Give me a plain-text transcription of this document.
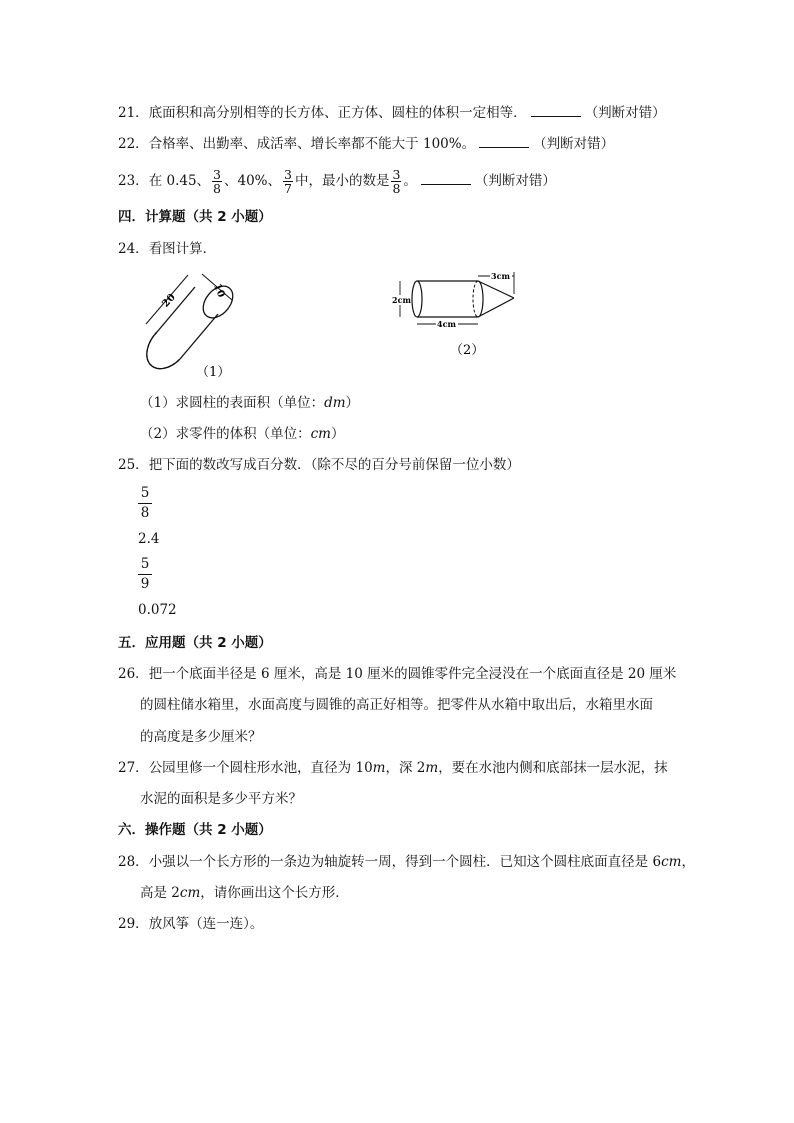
21．底面积和高分别相等的长方体、正方体、圆柱的体积一定相等．	（判断对错）
22．合格率、出勤率、成活率、增长率都不能大于 100%。	（判断对错）
23．在 0.45、 $\frac{3}{8}$ 、40%、 $\frac{3}{7}$ 中，最小的数是 $\frac{3}{8}$ 。	（判断对错）
四．计算题（共 2 小题）
24．看图计算．
20
10
（1）
3cm
2cm
4cm
（2）
（1）求圆柱的表面积（单位：dm）
（2）求零件的体积（单位：cm）
25．把下面的数改写成百分数．（除不尽的百分号前保留一位小数）
$\frac{5}{8}$
2.4
$\frac{5}{9}$
0.072
五．应用题（共 2 小题）
26．把一个底面半径是 6 厘米，高是 10 厘米的圆锥零件完全浸没在一个底面直径是 20 厘米
的圆柱储水箱里，水面高度与圆锥的高正好相等。把零件从水箱中取出后，水箱里水面
的高度是多少厘米？
27．公园里修一个圆柱形水池，直径为 10m，深 2m，要在水池内侧和底部抹一层水泥，抹
水泥的面积是多少平方米？
六．操作题（共 2 小题）
28．小强以一个长方形的一条边为轴旋转一周，得到一个圆柱．已知这个圆柱底面直径是 6cm，
高是 2cm，请你画出这个长方形．
29．放风筝（连一连）。
